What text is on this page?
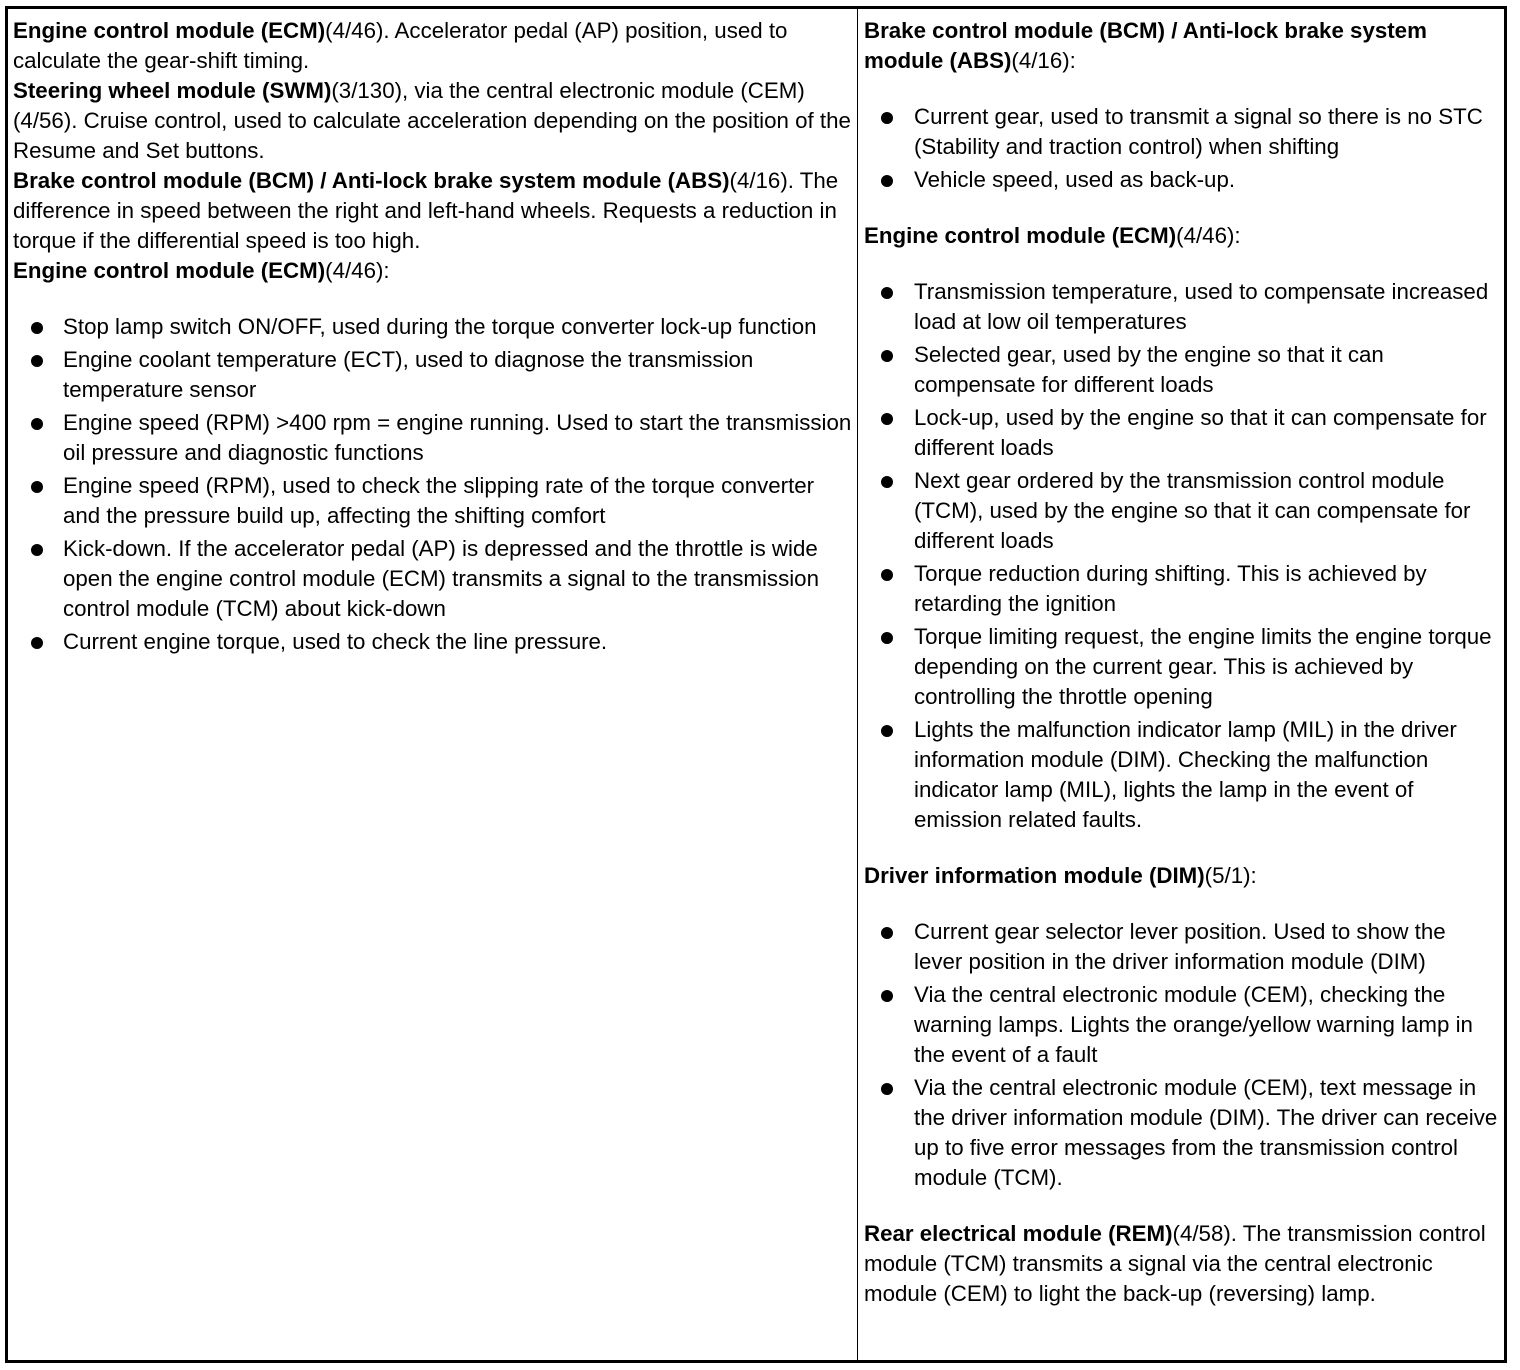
Engine control module (ECM)(4/46). Accelerator pedal (AP) position, used to calculate the gear-shift timing.

Steering wheel module (SWM)(3/130), via the central electronic module (CEM) (4/56). Cruise control, used to calculate acceleration depending on the position of the Resume and Set buttons.

Brake control module (BCM) / Anti-lock brake system module (ABS)(4/16). The difference in speed between the right and left-hand wheels. Requests a reduction in torque if the differential speed is too high.

Engine control module (ECM)(4/46):

Stop lamp switch ON/OFF, used during the torque converter lock-up function
Engine coolant temperature (ECT), used to diagnose the transmission temperature sensor
Engine speed (RPM) >400 rpm = engine running. Used to start the transmission oil pressure and diagnostic functions
Engine speed (RPM), used to check the slipping rate of the torque converter and the pressure build up, affecting the shifting comfort
Kick-down. If the accelerator pedal (AP) is depressed and the throttle is wide open the engine control module (ECM) transmits a signal to the transmission control module (TCM) about kick-down
Current engine torque, used to check the line pressure.

Brake control module (BCM) / Anti-lock brake system module (ABS)(4/16):

Current gear, used to transmit a signal so there is no STC (Stability and traction control) when shifting
Vehicle speed, used as back-up.

Engine control module (ECM)(4/46):

Transmission temperature, used to compensate increased load at low oil temperatures
Selected gear, used by the engine so that it can compensate for different loads
Lock-up, used by the engine so that it can compensate for different loads
Next gear ordered by the transmission control module (TCM), used by the engine so that it can compensate for different loads
Torque reduction during shifting. This is achieved by retarding the ignition
Torque limiting request, the engine limits the engine torque depending on the current gear. This is achieved by controlling the throttle opening
Lights the malfunction indicator lamp (MIL) in the driver information module (DIM). Checking the malfunction indicator lamp (MIL), lights the lamp in the event of emission related faults.

Driver information module (DIM)(5/1):

Current gear selector lever position. Used to show the lever position in the driver information module (DIM)
Via the central electronic module (CEM), checking the warning lamps. Lights the orange/yellow warning lamp in the event of a fault
Via the central electronic module (CEM), text message in the driver information module (DIM). The driver can receive up to five error messages from the transmission control module (TCM).

Rear electrical module (REM)(4/58). The transmission control module (TCM) transmits a signal via the central electronic module (CEM) to light the back-up (reversing) lamp.
